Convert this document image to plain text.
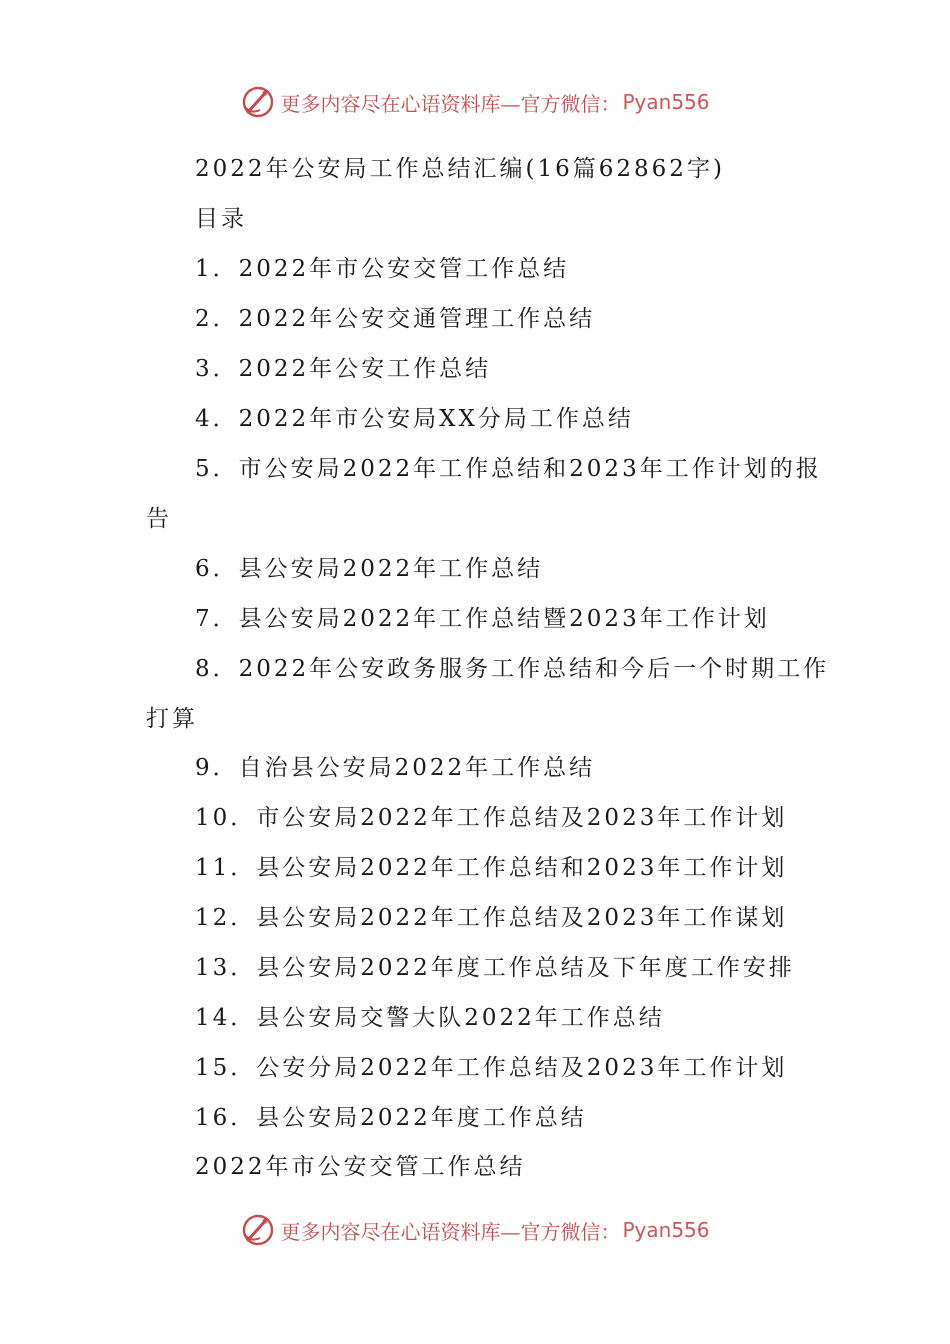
更多内容尽在心语资料库—官方微信： Pyan556
2022年公安局工作总结汇编(16篇62862字)
目录
1．2022年市公安交管工作总结
2．2022年公安交通管理工作总结
3．2022年公安工作总结
4．2022年市公安局XX分局工作总结
5．市公安局2022年工作总结和2023年工作计划的报
告
6．县公安局2022年工作总结
7．县公安局2022年工作总结暨2023年工作计划
8．2022年公安政务服务工作总结和今后一个时期工作
打算
9．自治县公安局2022年工作总结
10．市公安局2022年工作总结及2023年工作计划
11．县公安局2022年工作总结和2023年工作计划
12．县公安局2022年工作总结及2023年工作谋划
13．县公安局2022年度工作总结及下年度工作安排
14．县公安局交警大队2022年工作总结
15．公安分局2022年工作总结及2023年工作计划
16．县公安局2022年度工作总结
2022年市公安交管工作总结
更多内容尽在心语资料库—官方微信： Pyan556
